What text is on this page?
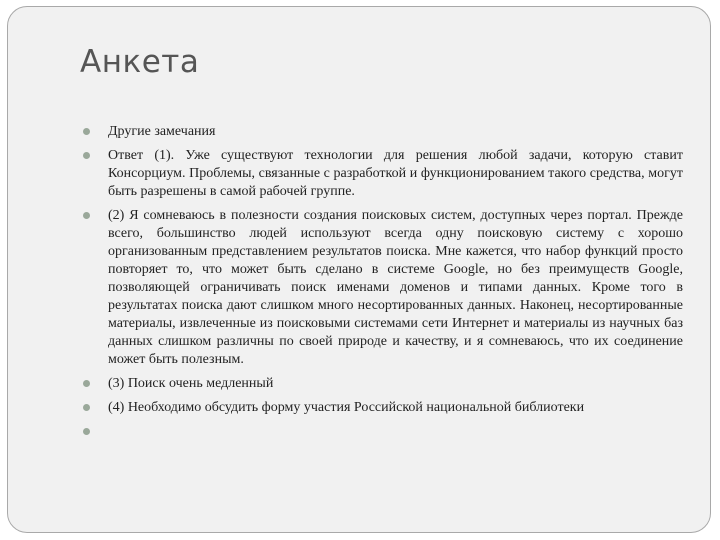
Анкета
Другие замечания
Ответ (1). Уже существуют технологии для решения любой задачи, которую ставит Консорциум. Проблемы, связанные с разработкой и функционированием такого средства, могут быть разрешены в самой рабочей группе.
(2) Я сомневаюсь в полезности создания поисковых систем, доступных через портал. Прежде всего, большинство людей используют всегда одну поисковую систему с хорошо организованным представлением результатов поиска. Мне кажется, что набор функций просто повторяет то, что может быть сделано в системе Google, но без преимуществ Google, позволяющей ограничивать поиск именами доменов и типами данных. Кроме того в результатах поиска дают слишком много несортированных данных. Наконец, несортированные материалы, извлеченные из поисковыми системами сети Интернет и материалы из научных баз данных слишком различны по своей природе и качеству, и я сомневаюсь, что их соединение может быть полезным.
(3) Поиск очень медленный
(4) Необходимо обсудить форму участия Российской национальной библиотеки
